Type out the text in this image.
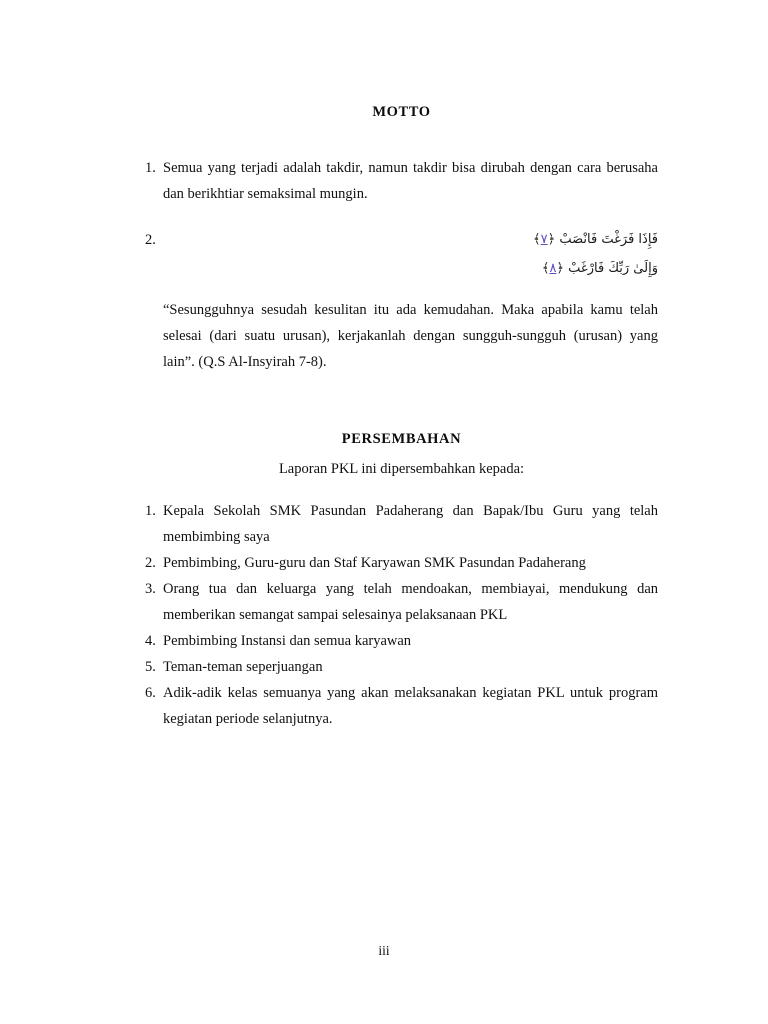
MOTTO
1. Semua yang terjadi adalah takdir, namun takdir bisa dirubah dengan cara berusaha dan berikhtiar semaksimal mungin.
2.	فَإِذَا فَرَغْتَ فَانْصَبْ ﴿٧﴾
وَإِلَىٰ رَبِّكَ فَارْغَبْ ﴿٨﴾
“Sesungguhnya sesudah kesulitan itu ada kemudahan. Maka apabila kamu telah selesai (dari suatu urusan), kerjakanlah dengan sungguh-sungguh (urusan) yang lain”. (Q.S Al-Insyirah 7-8).
PERSEMBAHAN
Laporan PKL ini dipersembahkan kepada:
1. Kepala Sekolah SMK Pasundan Padaherang dan Bapak/Ibu Guru yang telah membimbing saya
2. Pembimbing, Guru-guru dan Staf Karyawan SMK Pasundan Padaherang
3. Orang tua dan keluarga yang telah mendoakan, membiayai, mendukung dan memberikan semangat sampai selesainya pelaksanaan PKL
4. Pembimbing Instansi dan semua karyawan
5. Teman-teman seperjuangan
6. Adik-adik kelas semuanya yang akan melaksanakan kegiatan PKL untuk program kegiatan periode selanjutnya.
iii
